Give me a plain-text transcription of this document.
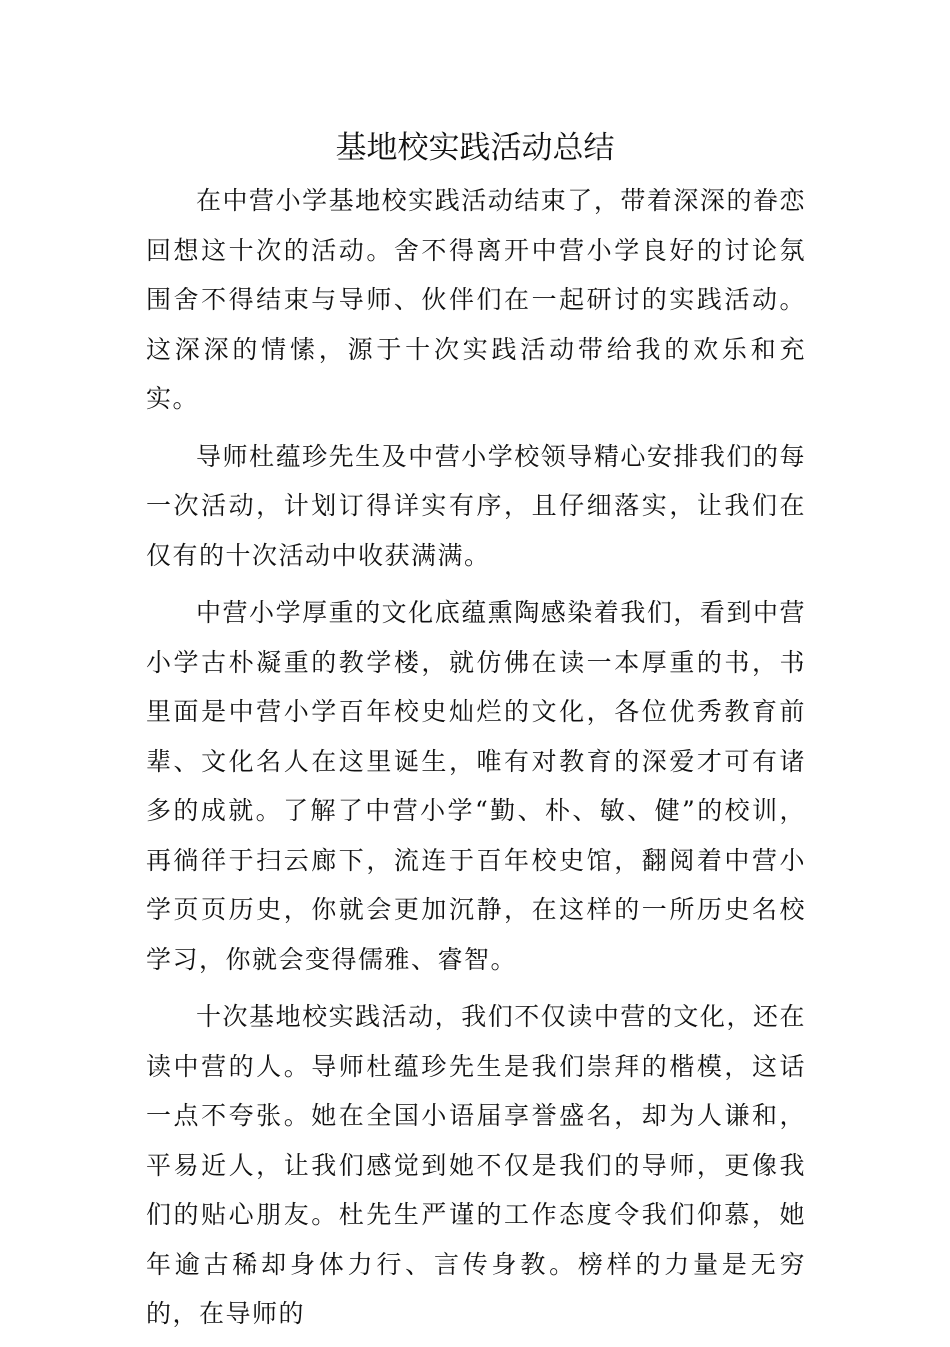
基地校实践活动总结

在中营小学基地校实践活动结束了，带着深深的眷恋回想这十次的活动。舍不得离开中营小学良好的讨论氛围舍不得结束与导师、伙伴们在一起研讨的实践活动。这深深的情愫，源于十次实践活动带给我的欢乐和充实。

导师杜蕴珍先生及中营小学校领导精心安排我们的每一次活动，计划订得详实有序，且仔细落实，让我们在仅有的十次活动中收获满满。

中营小学厚重的文化底蕴熏陶感染着我们，看到中营小学古朴凝重的教学楼，就仿佛在读一本厚重的书，书里面是中营小学百年校史灿烂的文化，各位优秀教育前辈、文化名人在这里诞生，唯有对教育的深爱才可有诸多的成就。了解了中营小学“勤、朴、敏、健”的校训，再徜徉于扫云廊下，流连于百年校史馆，翻阅着中营小学页页历史，你就会更加沉静，在这样的一所历史名校学习，你就会变得儒雅、睿智。

十次基地校实践活动，我们不仅读中营的文化，还在读中营的人。导师杜蕴珍先生是我们崇拜的楷模，这话一点不夸张。她在全国小语届享誉盛名，却为人谦和，平易近人，让我们感觉到她不仅是我们的导师，更像我们的贴心朋友。杜先生严谨的工作态度令我们仰慕，她年逾古稀却身体力行、言传身教。榜样的力量是无穷的，在导师的
